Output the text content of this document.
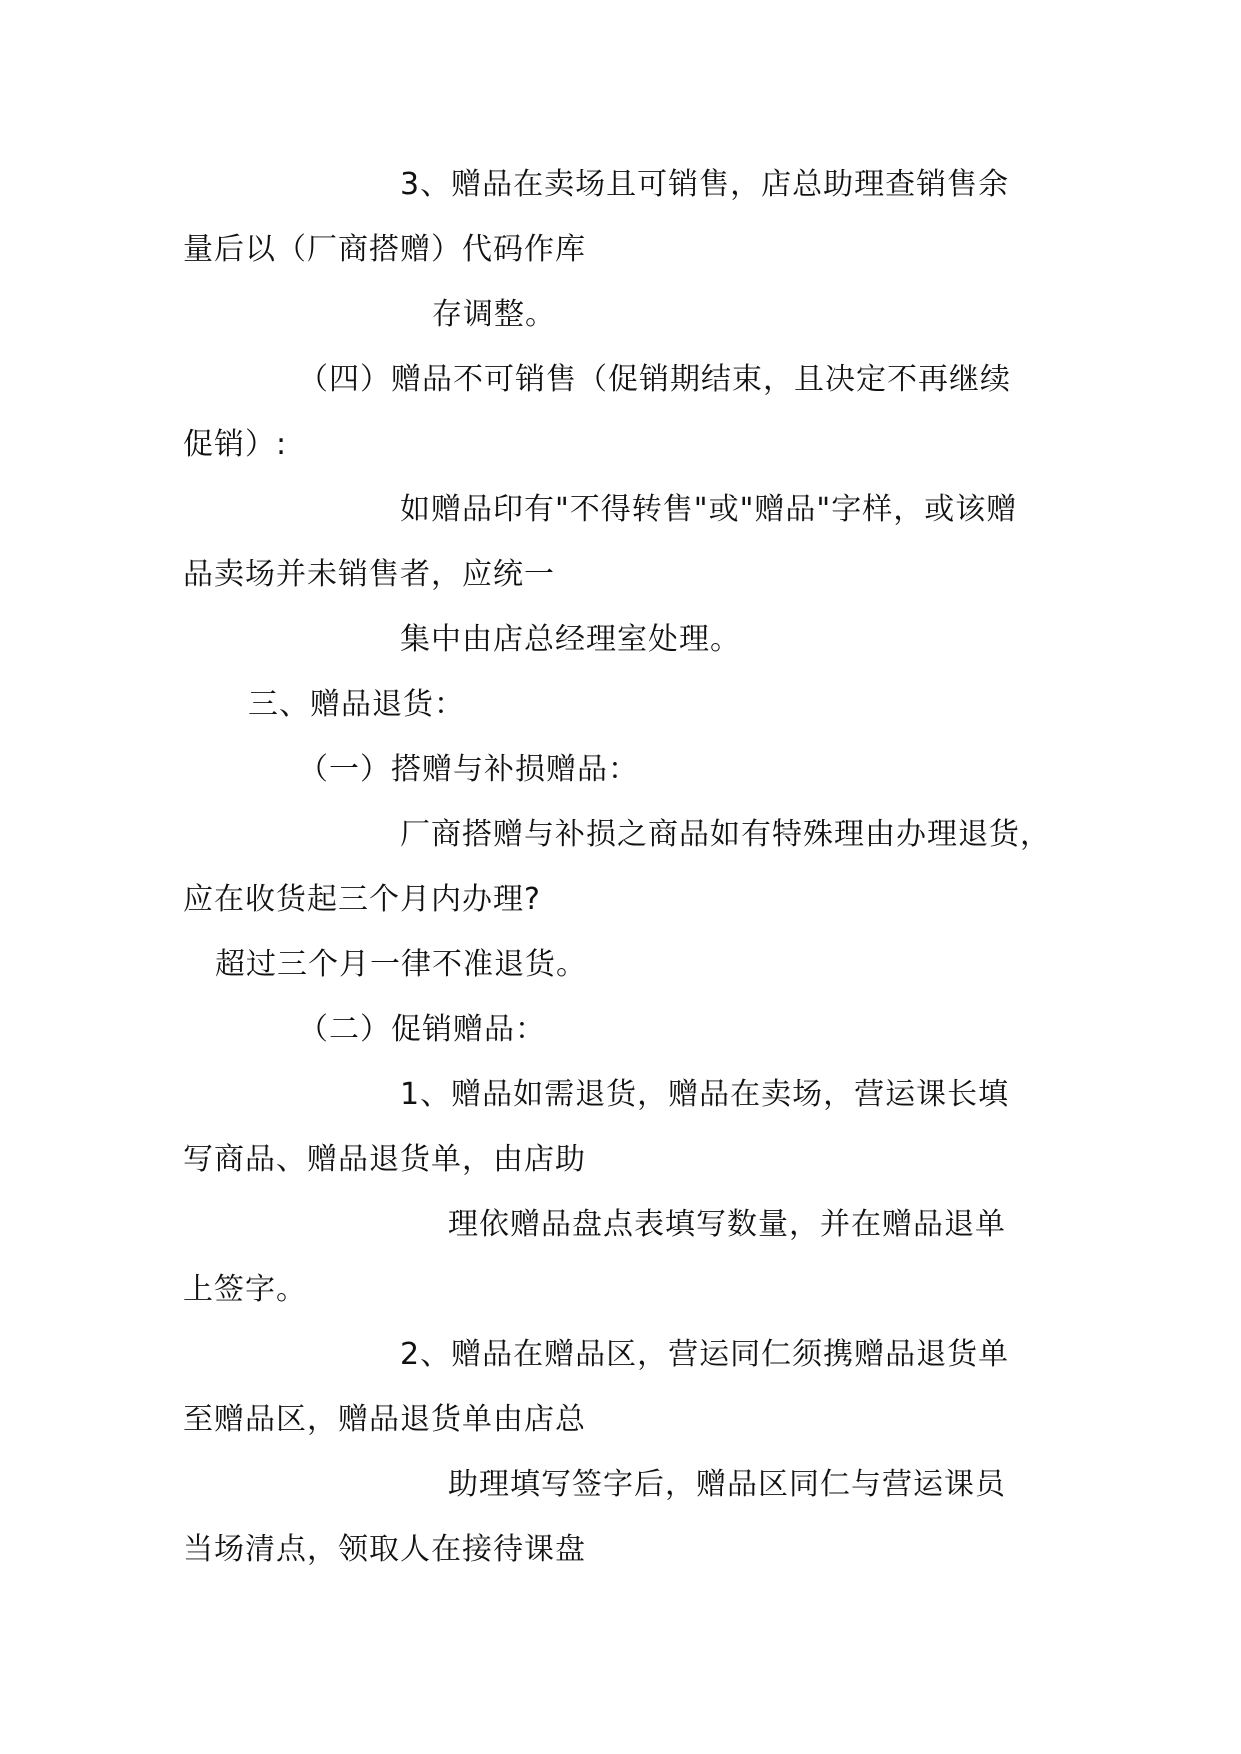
3、赠品在卖场且可销售，店总助理查销售余
量后以（厂商搭赠）代码作库
存调整。
（四）赠品不可销售（促销期结束，且决定不再继续
促销）:
如赠品印有"不得转售"或"赠品"字样，或该赠
品卖场并未销售者，应统一
集中由店总经理室处理。
三、赠品退货：
（一）搭赠与补损赠品：
厂商搭赠与补损之商品如有特殊理由办理退货，
应在收货起三个月内办理?
超过三个月一律不准退货。
（二）促销赠品：
1、赠品如需退货，赠品在卖场，营运课长填
写商品、赠品退货单，由店助
理依赠品盘点表填写数量，并在赠品退单
上签字。
2、赠品在赠品区，营运同仁须携赠品退货单
至赠品区，赠品退货单由店总
助理填写签字后，赠品区同仁与营运课员
当场清点，领取人在接待课盘
